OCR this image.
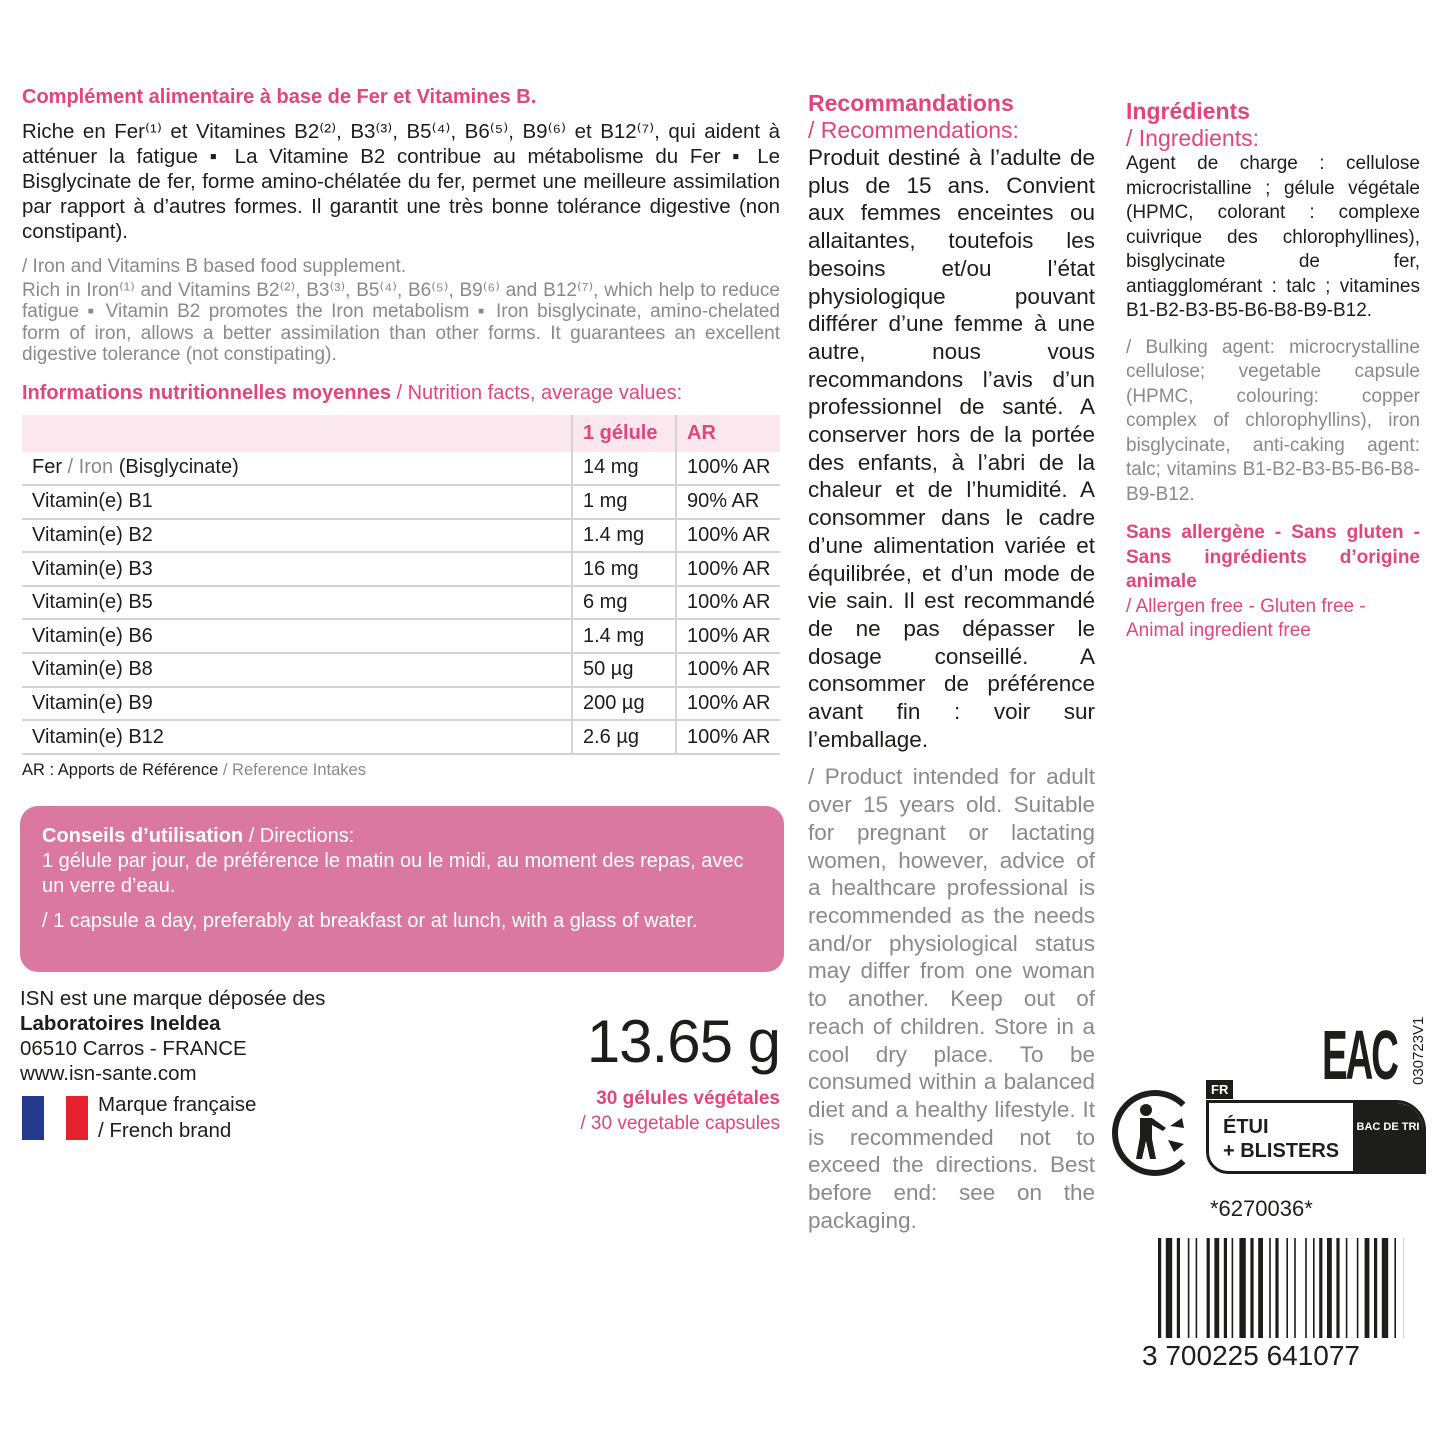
Complément alimentaire à base de Fer et Vitamines B.

Riche en Fer⁽¹⁾ et Vitamines B2⁽²⁾, B3⁽³⁾, B5⁽⁴⁾, B6⁽⁵⁾, B9⁽⁶⁾ et B12⁽⁷⁾, qui aident à atténuer la fatigue ▪ La Vitamine B2 contribue au métabolisme du Fer ▪ Le Bisglycinate de fer, forme amino-chélatée du fer, permet une meilleure assimilation par rapport à d’autres formes. Il garantit une très bonne tolérance digestive (non constipant).

/ Iron and Vitamins B based food supplement.

Rich in Iron⁽¹⁾ and Vitamins B2⁽²⁾, B3⁽³⁾, B5⁽⁴⁾, B6⁽⁵⁾, B9⁽⁶⁾ and B12⁽⁷⁾, which help to reduce fatigue ▪ Vitamin B2 promotes the Iron metabolism ▪ Iron bisglycinate, amino-chelated form of iron, allows a better assimilation than other forms. It guarantees an excellent digestive tolerance (not constipating).

Informations nutritionnelles moyennes / Nutrition facts, average values:

	1 gélule	AR
Fer / Iron (Bisglycinate)	14 mg	100% AR
Vitamin(e) B1	1 mg	90% AR
Vitamin(e) B2	1.4 mg	100% AR
Vitamin(e) B3	16 mg	100% AR
Vitamin(e) B5	6 mg	100% AR
Vitamin(e) B6	1.4 mg	100% AR
Vitamin(e) B8	50 µg	100% AR
Vitamin(e) B9	200 µg	100% AR
Vitamin(e) B12	2.6 µg	100% AR

AR : Apports de Référence / Reference Intakes

Conseils d’utilisation / Directions:

1 gélule par jour, de préférence le matin ou le midi, au moment des repas, avec un verre d’eau.

/ 1 capsule a day, preferably at breakfast or at lunch, with a glass of water.

ISN est une marque déposée des
Laboratoires Ineldea
06510 Carros - FRANCE
www.isn-sante.com
Marque française
/ French brand
13.65 g
30 gélules végétales
/ 30 vegetable capsules
Recommandations
/ Recommendations:

Produit destiné à l’adulte de plus de 15 ans. Convient aux femmes enceintes ou allaitantes, toutefois les besoins et/ou l’état physiologique pouvant différer d’une femme à une autre, nous vous recommandons l’avis d’un professionnel de santé. A conserver hors de la portée des enfants, à l’abri de la chaleur et de l’humidité. A consommer dans le cadre d’une alimentation variée et équilibrée, et d’un mode de vie sain. Il est recommandé de ne pas dépasser le dosage conseillé. A consommer de préférence avant fin : voir sur l’emballage.

/ Product intended for adult over 15 years old. Suitable for pregnant or lactating women, however, advice of a healthcare professional is recommended as the needs and/or physiological status may differ from one woman to another. Keep out of reach of children. Store in a cool dry place. To be consumed within a balanced diet and a healthy lifestyle. It is recommended not to exceed the directions. Best before end: see on the packaging.

Ingrédients
/ Ingredients:

Agent de charge : cellulose microcristalline ; gélule végétale (HPMC, colorant : complexe cuivrique des chlorophyllines), bisglycinate de fer, antiagglomérant : talc ; vitamines B1-B2-B3-B5-B6-B8-B9-B12.

/ Bulking agent: microcrystalline cellulose; vegetable capsule (HPMC, colouring: copper complex of chlorophyllins), iron bisglycinate, anti-caking agent: talc; vitamins B1-B2-B3-B5-B6-B8-B9-B12.

Sans allergène - Sans gluten - Sans ingrédients d’origine animale

/ Allergen free - Gluten free - Animal ingredient free

EAC 030723V1
FR
ÉTUI
+ BLISTERS
BAC DE TRI
*6270036*
3 700225 641077
